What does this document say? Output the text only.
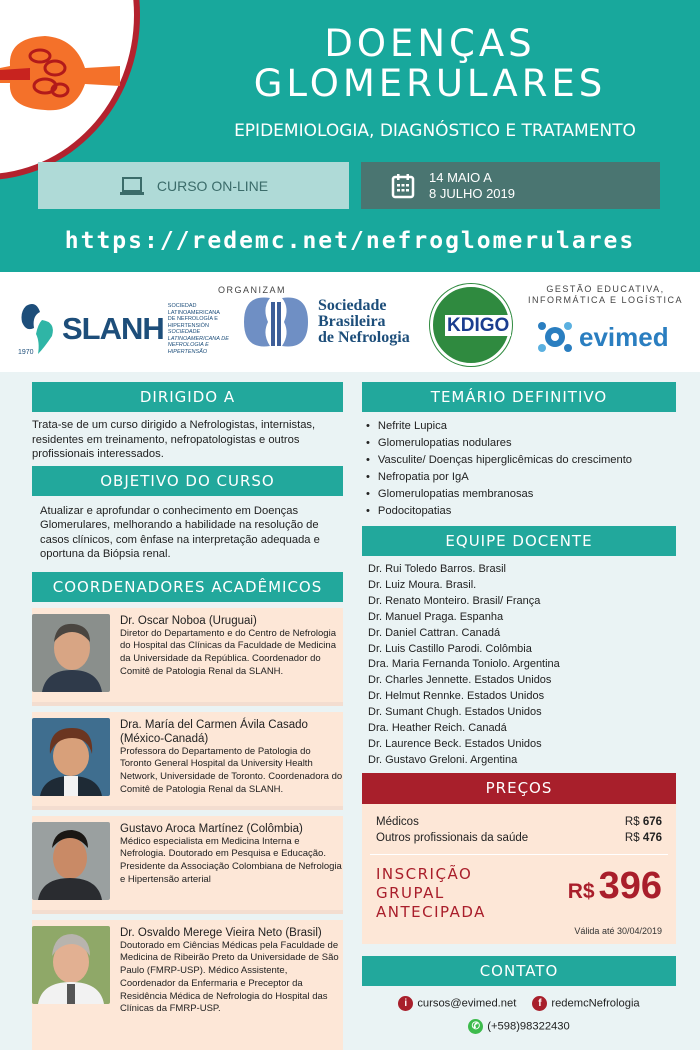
DOENÇAS
GLOMERULARES
EPIDEMIOLOGIA, DIAGNÓSTICO E TRATAMENTO
CURSO ON-LINE
14 MAIO A
8 JULHO 2019
https://redemc.net/nefroglomerulares
ORGANIZAM	GESTÃO EDUCATIVA,
INFORMÁTICA E LOGÍSTICA
1970
SLANH
SOCIEDAD LATINOAMERICANA
DE NEFROLOGÍA E HIPERTENSIÓN
SOCIEDADE LATINOAMERICANA DE
NEFROLOGIA E HIPERTENSÃO
Sociedade
Brasileira
de Nefrologia
KDIGO	evimed
DIRIGIDO A
Trata-se de um curso dirigido a Nefrologistas, internistas, residentes em treinamento, nefropatologistas e outros profissionais interessados.
OBJETIVO DO CURSO
Atualizar e aprofundar o conhecimento em Doenças Glomerulares, melhorando a habilidade na resolução de casos clínicos, com ênfase na interpretação adequada e oportuna da Biópsia renal.
COORDENADORES ACADÊMICOS
Dr. Oscar Noboa (Uruguai)
Diretor do Departamento e do Centro de Nefrologia do Hospital das Clínicas da Faculdade de Medicina da Universidade da República. Coordenador do Comitê de Patologia Renal da SLANH.
Dra. María del Carmen Ávila Casado (México-Canadá)
Professora do Departamento de Patologia do Toronto General Hospital da University Health Network, Universidade de Toronto. Coordenadora do Comitê de Patologia Renal da SLANH.
Gustavo Aroca Martínez (Colômbia)
Médico especialista em Medicina Interna e Nefrologia. Doutorado em Pesquisa e Educação. Presidente da Associação Colombiana de Nefrologia e Hipertensão arterial
Dr. Osvaldo Merege Vieira Neto (Brasil)
Doutorado em Ciências Médicas pela Faculdade de Medicina de Ribeirão Preto da Universidade de São Paulo (FMRP-USP). Médico Assistente, Coordenador da Enfermaria e Preceptor da Residência Médica de Nefrologia do Hospital das Clínicas da FMRP-USP.
TEMÁRIO DEFINITIVO
• Nefrite Lupica
• Glomerulopatias nodulares
• Vasculite/ Doenças hiperglicêmicas do crescimento
• Nefropatia por IgA
• Glomerulopatias membranosas
• Podocitopatias
EQUIPE DOCENTE
Dr. Rui Toledo Barros. Brasil
Dr. Luiz Moura. Brasil.
Dr. Renato Monteiro. Brasil/ França
Dr. Manuel Praga. Espanha
Dr. Daniel Cattran. Canadá
Dr. Luis Castillo Parodi. Colômbia
Dra. Maria Fernanda Toniolo. Argentina
Dr. Charles Jennette. Estados Unidos
Dr. Helmut Rennke. Estados Unidos
Dr. Sumant Chugh. Estados Unidos
Dra. Heather Reich. Canadá
Dr. Laurence Beck. Estados Unidos
Dr. Gustavo Greloni. Argentina
PREÇOS
Médicos	R$ 676
Outros profissionais da saúde	R$ 476
INSCRIÇÃO
GRUPAL
ANTECIPADA
R$ 396
Válida até 30/04/2019
CONTATO
i cursos@evimed.net	f redemcNefrologia
✆ (+598)98322430
